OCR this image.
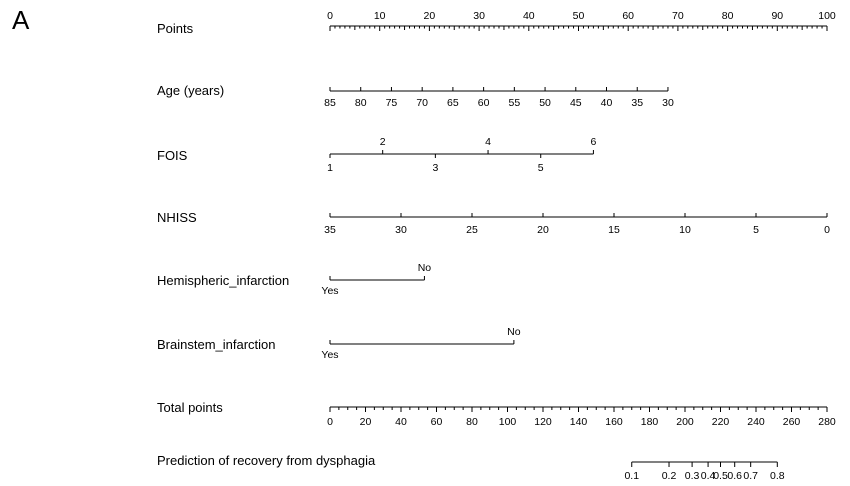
A	Points
Age (years)
FOIS
NHISS
Hemispheric_infarction
Brainstem_infarction
Total points
Prediction of recovery from dysphagia
0	10	20	30	40	50	60	70	80	90	100
85 80 75 70 65 60 55 50 45 40 35 30
2	4	6
1	3	5
35	30	25	20	15	10	5	0
Yes
No
Yes
No
0	20 40 60 80 100 120 140 160 180 200 220 240 260 280
0.1 0.2 0.3 0.4
0.5 0.6 0.7 0.8
